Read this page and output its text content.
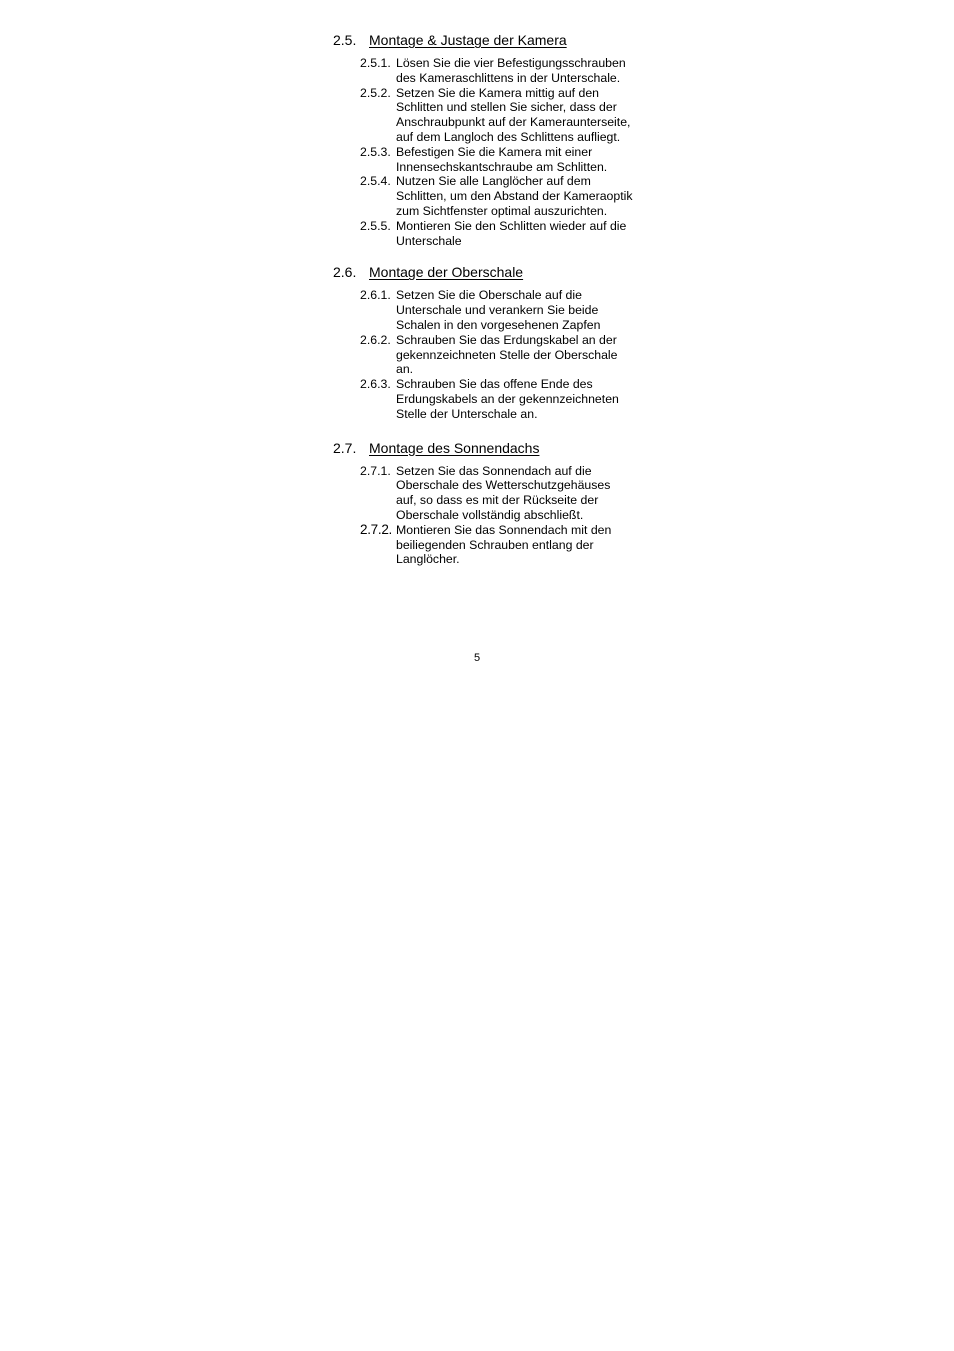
2.5. Montage & Justage der Kamera
2.5.1. Lösen Sie die vier Befestigungsschrauben des Kameraschlittens in der Unterschale.
2.5.2. Setzen Sie die Kamera mittig auf den Schlitten und stellen Sie sicher, dass der Anschraubpunkt auf der Kameraunterseite, auf dem Langloch des Schlittens aufliegt.
2.5.3. Befestigen Sie die Kamera mit einer Innensechskantschraube am Schlitten.
2.5.4. Nutzen Sie alle Langlöcher auf dem Schlitten, um den Abstand der Kameraoptik zum Sichtfenster optimal auszurichten.
2.5.5. Montieren Sie den Schlitten wieder auf die Unterschale
2.6. Montage der Oberschale
2.6.1. Setzen Sie die Oberschale auf die Unterschale und verankern Sie beide Schalen in den vorgesehenen Zapfen
2.6.2. Schrauben Sie das Erdungskabel an der gekennzeichneten Stelle der Oberschale an.
2.6.3. Schrauben Sie das offene Ende des Erdungskabels an der gekennzeichneten Stelle der Unterschale an.
2.7. Montage des Sonnendachs
2.7.1. Setzen Sie das Sonnendach auf die Oberschale des Wetterschutzgehäuses auf, so dass es mit der Rückseite der Oberschale vollständig abschließt.
2.7.2. Montieren Sie das Sonnendach mit den beiliegenden Schrauben entlang der Langlöcher.
5
